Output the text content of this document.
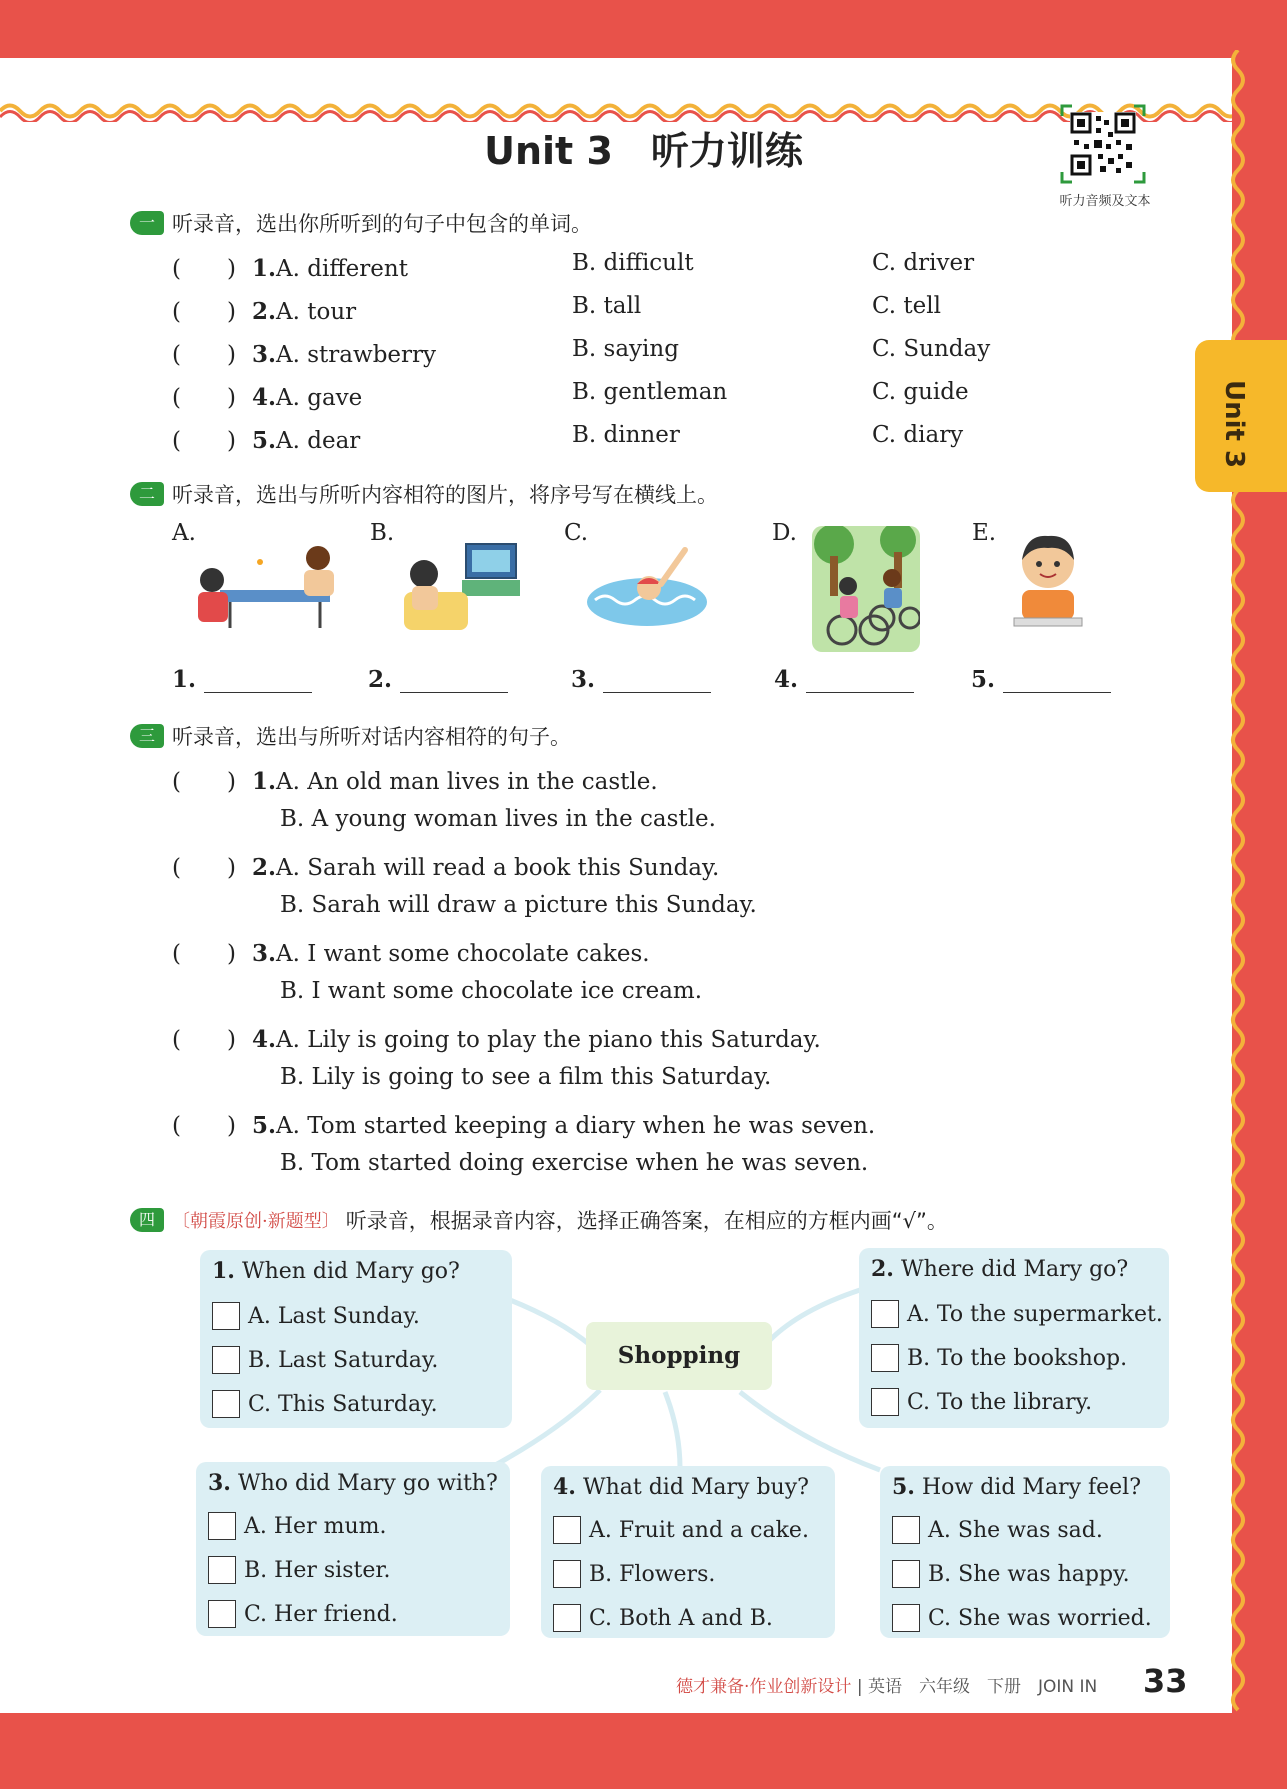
Unit 3
Unit 3　听力训练
听力音频及文本
一 听录音，选出你所听到的句子中包含的单词。
(　　) 1.A. different	B. difficult	C. driver
(　　) 2.A. tour	B. tall	C. tell
(　　) 3.A. strawberry	B. saying	C. Sunday
(　　) 4.A. gave	B. gentleman	C. guide
(　　) 5.A. dear	B. dinner	C. diary
二 听录音，选出与所听内容相符的图片，将序号写在横线上。
A.	B.	C.	D.	E.
1.	2.	3.	4.	5.
三 听录音，选出与所听对话内容相符的句子。
(　　) 1.A. An old man lives in the castle.
B. A young woman lives in the castle.
(　　) 2.A. Sarah will read a book this Sunday.
B. Sarah will draw a picture this Sunday.
(　　) 3.A. I want some chocolate cakes.
B. I want some chocolate ice cream.
(　　) 4.A. Lily is going to play the piano this Saturday.
B. Lily is going to see a film this Saturday.
(　　) 5.A. Tom started keeping a diary when he was seven.
B. Tom started doing exercise when he was seven.
四 〔朝霞原创·新题型〕 听录音，根据录音内容，选择正确答案，在相应的方框内画“√”。
1. When did Mary go?
A. Last Sunday.
B. Last Saturday.
C. This Saturday.
2. Where did Mary go?
A. To the supermarket.
B. To the bookshop.
C. To the library.
Shopping
3. Who did Mary go with?
A. Her mum.
B. Her sister.
C. Her friend.
4. What did Mary buy?
A. Fruit and a cake.
B. Flowers.
C. Both A and B.
5. How did Mary feel?
A. She was sad.
B. She was happy.
C. She was worried.
德才兼备·作业创新设计 | 英语　六年级　下册　JOIN IN 33
